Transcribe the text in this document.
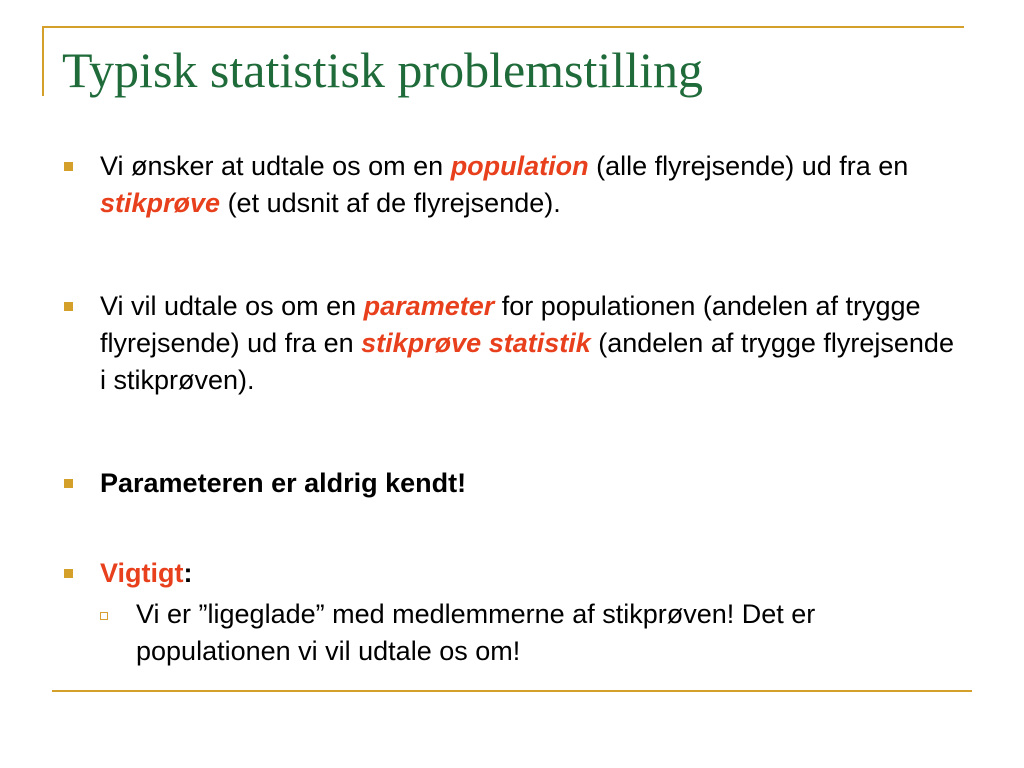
Typisk statistisk problemstilling
Vi ønsker at udtale os om en population (alle flyrejsende) ud fra en stikprøve (et udsnit af de flyrejsende).
Vi vil udtale os om en parameter for populationen (andelen af trygge flyrejsende) ud fra en stikprøve statistik (andelen af trygge flyrejsende i stikprøven).
Parameteren er aldrig kendt!
Vigtigt:
Vi er ”ligeglade” med medlemmerne af stikprøven! Det er populationen vi vil udtale os om!
